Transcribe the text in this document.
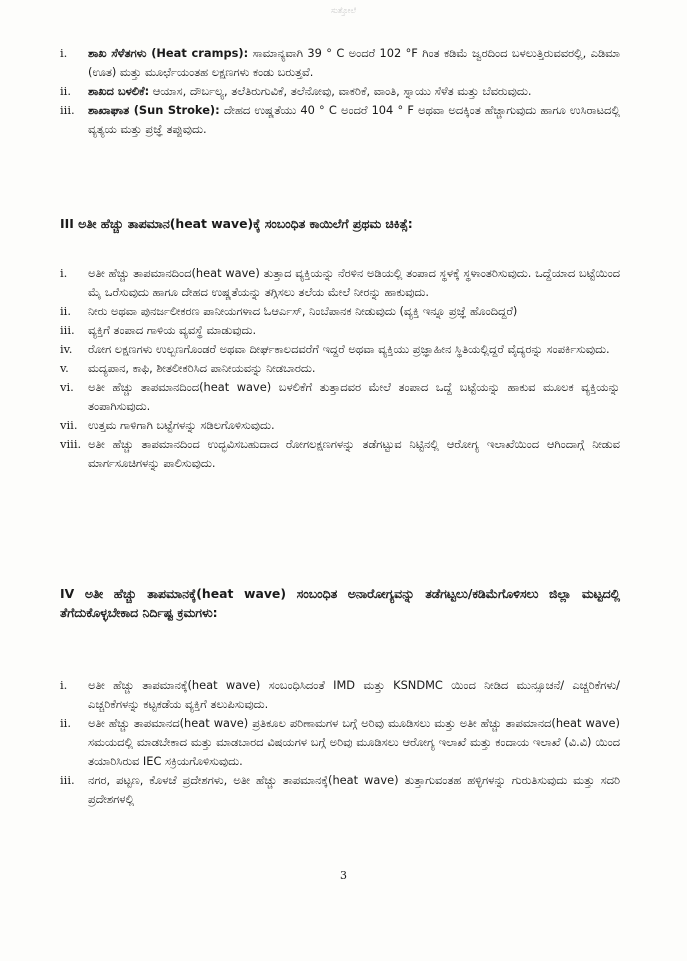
ಸುತ್ತೋಲೆ
i.	ಶಾಖ ಸೆಳೆತಗಳು (Heat cramps): ಸಾಮಾನ್ಯವಾಗಿ 39 ° C ಅಂದರೆ 102 °F ಗಿಂತ ಕಡಿಮೆ ಜ್ವರದಿಂದ ಬಳಲುತ್ತಿರುವವರಲ್ಲಿ, ಎಡಿಮಾ (ಊತ) ಮತ್ತು ಮೂರ್ಛೆಯಂತಹ ಲಕ್ಷಣಗಳು ಕಂಡು ಬರುತ್ತವೆ.
ii.	ಶಾಖದ ಬಳಲಿಕೆ: ಆಯಾಸ, ದೌರ್ಬಲ್ಯ, ತಲೆತಿರುಗುವಿಕೆ, ತಲೆನೋವು, ವಾಕರಿಕೆ, ವಾಂತಿ, ಸ್ನಾಯು ಸೆಳೆತ ಮತ್ತು ಬೆವರುವುದು.
iii.	ಶಾಖಾಘಾತ (Sun Stroke): ದೇಹದ ಉಷ್ಣತೆಯು 40 ° C ಅಂದರೆ 104 ° F ಅಥವಾ ಅದಕ್ಕಿಂತ ಹೆಚ್ಚಾಗುವುದು ಹಾಗೂ ಉಸಿರಾಟದಲ್ಲಿ ವ್ಯತ್ಯಯ ಮತ್ತು ಪ್ರಜ್ಞೆ ತಪ್ಪುವುದು.
III ಅತೀ ಹೆಚ್ಚು ತಾಪಮಾನ(heat wave)ಕ್ಕೆ ಸಂಬಂಧಿತ ಕಾಯಿಲೆಗೆ ಪ್ರಥಮ ಚಿಕಿತ್ಸೆ:
i.	ಅತೀ ಹೆಚ್ಚು ತಾಪಮಾನದಿಂದ(heat wave) ತುತ್ತಾದ ವ್ಯಕ್ತಿಯನ್ನು ನೆರಳಿನ ಅಡಿಯಲ್ಲಿ ತಂಪಾದ ಸ್ಥಳಕ್ಕೆ ಸ್ಥಳಾಂತರಿಸುವುದು. ಒದ್ದೆಯಾದ ಬಟ್ಟೆಯಿಂದ ಮೈ ಒರೆಸುವುದು ಹಾಗೂ ದೇಹದ ಉಷ್ಣತೆಯನ್ನು ತಗ್ಗಿಸಲು ತಲೆಯ ಮೇಲೆ ನೀರನ್ನು ಹಾಕುವುದು.
ii.	ನೀರು ಅಥವಾ ಪುನರ್ಜಲೀಕರಣ ಪಾನೀಯಗಳಾದ ಓಆರ್ಎಸ್, ನಿಂಬೆಪಾನಕ ನೀಡುವುದು (ವ್ಯಕ್ತಿ ಇನ್ನೂ ಪ್ರಜ್ಞೆ ಹೊಂದಿದ್ದರೆ)
iii.	ವ್ಯಕ್ತಿಗೆ ತಂಪಾದ ಗಾಳಿಯ ವ್ಯವಸ್ಥೆ ಮಾಡುವುದು.
iv.	ರೋಗ ಲಕ್ಷಣಗಳು ಉಲ್ಬಣಗೊಂಡರೆ ಅಥವಾ ದೀರ್ಘಕಾಲದವರೆಗೆ ಇದ್ದರೆ ಅಥವಾ ವ್ಯಕ್ತಿಯು ಪ್ರಜ್ಞಾಹೀನ ಸ್ಥಿತಿಯಲ್ಲಿದ್ದರೆ ವೈದ್ಯರನ್ನು ಸಂಪರ್ಕಿಸುವುದು.
v.	ಮದ್ಯಪಾನ, ಕಾಫಿ, ಶೀತಲೀಕರಿಸಿದ ಪಾನೀಯವನ್ನು ನೀಡಬಾರದು.
vi.	ಅತೀ ಹೆಚ್ಚು ತಾಪಮಾನದಿಂದ(heat wave) ಬಳಲಿಕೆಗೆ ತುತ್ತಾದವರ ಮೇಲೆ ತಂಪಾದ ಒದ್ದೆ ಬಟ್ಟೆಯನ್ನು ಹಾಕುವ ಮೂಲಕ ವ್ಯಕ್ತಿಯನ್ನು ತಂಪಾಗಿಸುವುದು.
vii. ಉತ್ತಮ ಗಾಳಿಗಾಗಿ ಬಟ್ಟೆಗಳನ್ನು ಸಡಿಲಗೊಳಿಸುವುದು.
viii. ಅತೀ ಹೆಚ್ಚು ತಾಪಮಾನದಿಂದ ಉದ್ಭವಿಸಬಹುದಾದ ರೋಗಲಕ್ಷಣಗಳನ್ನು ತಡೆಗಟ್ಟುವ ನಿಟ್ಟಿನಲ್ಲಿ ಆರೋಗ್ಯ ಇಲಾಖೆಯಿಂದ ಆಗಿಂದಾಗ್ಗೆ ನೀಡುವ ಮಾರ್ಗಸೂಚಿಗಳನ್ನು ಪಾಲಿಸುವುದು.
IV ಅತೀ ಹೆಚ್ಚು ತಾಪಮಾನಕ್ಕೆ(heat wave) ಸಂಬಂಧಿತ ಅನಾರೋಗ್ಯವನ್ನು ತಡೆಗಟ್ಟಲು/ಕಡಿಮೆಗೊಳಿಸಲು ಜಿಲ್ಲಾ ಮಟ್ಟದಲ್ಲಿ ತೆಗೆದುಕೊಳ್ಳಬೇಕಾದ ನಿರ್ದಿಷ್ಟ ಕ್ರಮಗಳು:
i.	ಅತೀ ಹೆಚ್ಚು ತಾಪಮಾನಕ್ಕೆ(heat wave) ಸಂಬಂಧಿಸಿದಂತೆ IMD ಮತ್ತು KSNDMC ಯಿಂದ ನೀಡಿದ ಮುನ್ಸೂಚನೆ/ ಎಚ್ಚರಿಕೆಗಳು/ಎಚ್ಚರಿಕೆಗಳನ್ನು ಕಟ್ಟಕಡೆಯ ವ್ಯಕ್ತಿಗೆ ತಲುಪಿಸುವುದು.
ii.	ಅತೀ ಹೆಚ್ಚು ತಾಪಮಾನದ(heat wave) ಪ್ರತಿಕೂಲ ಪರಿಣಾಮಗಳ ಬಗ್ಗೆ ಅರಿವು ಮೂಡಿಸಲು ಮತ್ತು ಅತೀ ಹೆಚ್ಚು ತಾಪಮಾನದ(heat wave) ಸಮಯದಲ್ಲಿ ಮಾಡಬೇಕಾದ ಮತ್ತು ಮಾಡಬಾರದ ವಿಷಯಗಳ ಬಗ್ಗೆ ಅರಿವು ಮೂಡಿಸಲು ಆರೋಗ್ಯ ಇಲಾಖೆ ಮತ್ತು ಕಂದಾಯ ಇಲಾಖೆ (ವಿ.ವಿ) ಯಿಂದ ತಯಾರಿಸಿರುವ IEC ಸಕ್ರಿಯಗೊಳಿಸುವುದು.
iii.	ನಗರ, ಪಟ್ಟಣ, ಕೊಳಚೆ ಪ್ರದೇಶಗಳು, ಅತೀ ಹೆಚ್ಚು ತಾಪಮಾನಕ್ಕೆ(heat wave) ತುತ್ತಾಗುವಂತಹ ಹಳ್ಳಿಗಳನ್ನು ಗುರುತಿಸುವುದು ಮತ್ತು ಸದರಿ ಪ್ರದೇಶಗಳಲ್ಲಿ
3
